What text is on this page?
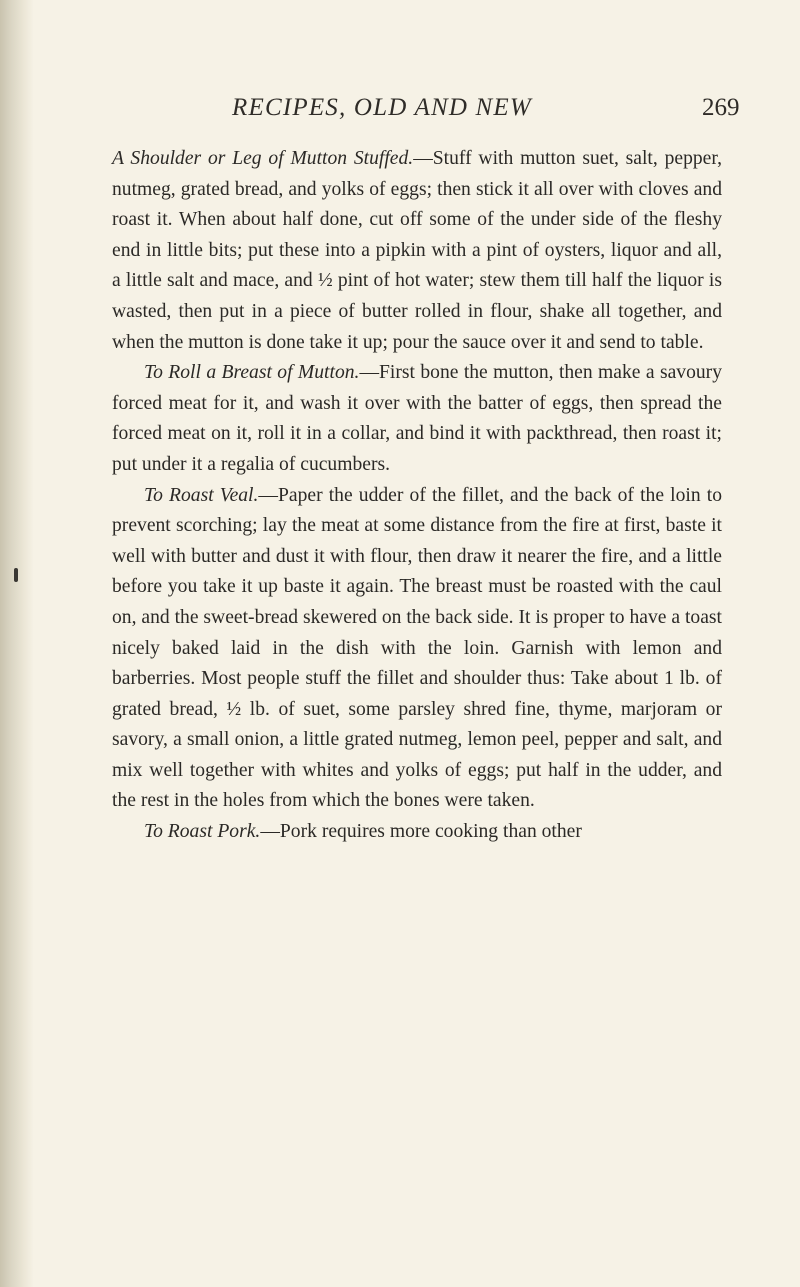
RECIPES, OLD AND NEW	269

A Shoulder or Leg of Mutton Stuffed.—Stuff with mutton suet, salt, pepper, nutmeg, grated bread, and yolks of eggs; then stick it all over with cloves and roast it. When about half done, cut off some of the under side of the fleshy end in little bits; put these into a pipkin with a pint of oysters, liquor and all, a little salt and mace, and ½ pint of hot water; stew them till half the liquor is wasted, then put in a piece of butter rolled in flour, shake all together, and when the mutton is done take it up; pour the sauce over it and send to table.

To Roll a Breast of Mutton.—First bone the mutton, then make a savoury forced meat for it, and wash it over with the batter of eggs, then spread the forced meat on it, roll it in a collar, and bind it with packthread, then roast it; put under it a regalia of cucumbers.

To Roast Veal.—Paper the udder of the fillet, and the back of the loin to prevent scorching; lay the meat at some distance from the fire at first, baste it well with butter and dust it with flour, then draw it nearer the fire, and a little before you take it up baste it again. The breast must be roasted with the caul on, and the sweet-bread skewered on the back side. It is proper to have a toast nicely baked laid in the dish with the loin. Garnish with lemon and barberries. Most people stuff the fillet and shoulder thus: Take about 1 lb. of grated bread, ½ lb. of suet, some parsley shred fine, thyme, marjoram or savory, a small onion, a little grated nutmeg, lemon peel, pepper and salt, and mix well together with whites and yolks of eggs; put half in the udder, and the rest in the holes from which the bones were taken.

To Roast Pork.—Pork requires more cooking than other
